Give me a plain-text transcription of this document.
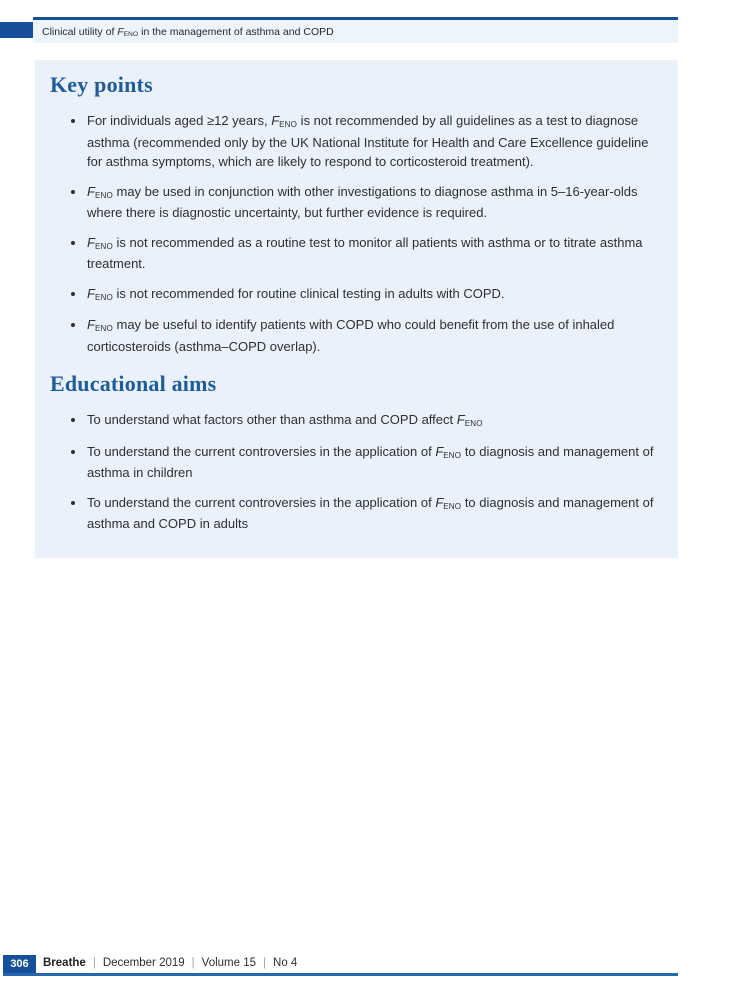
Clinical utility of $F_{ENO}$ in the management of asthma and COPD
Key points
For individuals aged ≥12 years, $F_{ENO}$ is not recommended by all guidelines as a test to diagnose asthma (recommended only by the UK National Institute for Health and Care Excellence guideline for asthma symptoms, which are likely to respond to corticosteroid treatment).
$F_{ENO}$ may be used in conjunction with other investigations to diagnose asthma in 5–16-year-olds where there is diagnostic uncertainty, but further evidence is required.
$F_{ENO}$ is not recommended as a routine test to monitor all patients with asthma or to titrate asthma treatment.
$F_{ENO}$ is not recommended for routine clinical testing in adults with COPD.
$F_{ENO}$ may be useful to identify patients with COPD who could benefit from the use of inhaled corticosteroids (asthma–COPD overlap).
Educational aims
To understand what factors other than asthma and COPD affect $F_{ENO}$
To understand the current controversies in the application of $F_{ENO}$ to diagnosis and management of asthma in children
To understand the current controversies in the application of $F_{ENO}$ to diagnosis and management of asthma and COPD in adults
306 Breathe | December 2019 | Volume 15 | No 4
